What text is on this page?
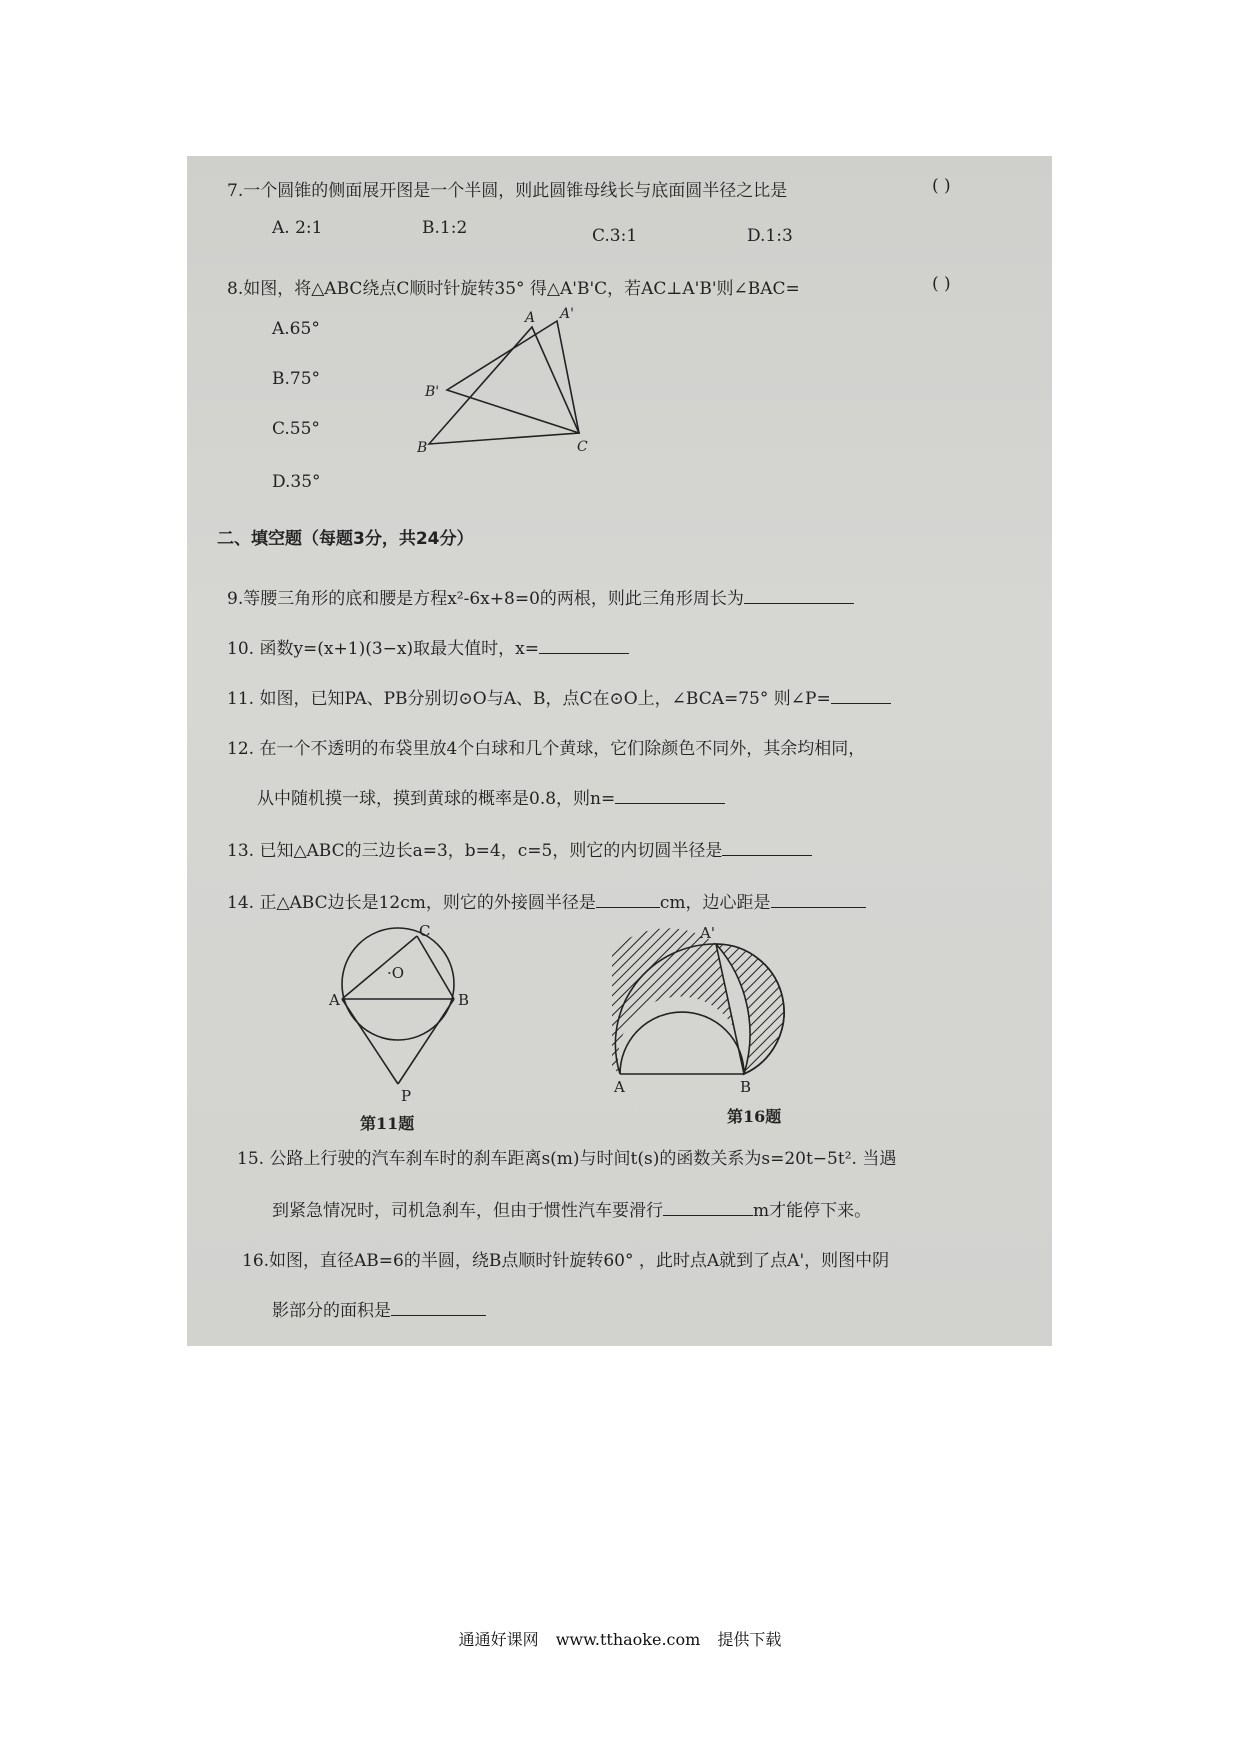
7.一个圆锥的侧面展开图是一个半圆，则此圆锥母线长与底面圆半径之比是	( )
A. 2:1	B.1:2	C.3:1	D.1:3
8.如图，将△ABC绕点C顺时针旋转35° 得△A'B'C，若AC⊥A'B'则∠BAC=	( )
A.65°
B.75°
C.55°
D.35°
A A'
B'
B	C
二、填空题（每题3分，共24分）
9.等腰三角形的底和腰是方程x²-6x+8=0的两根，则此三角形周长为
10. 函数y=(x+1)(3−x)取最大值时，x=
11. 如图，已知PA、PB分别切⊙O与A、B，点C在⊙O上，∠BCA=75° 则∠P=
12. 在一个不透明的布袋里放4个白球和几个黄球，它们除颜色不同外，其余均相同，
从中随机摸一球，摸到黄球的概率是0.8，则n=
13. 已知△ABC的三边长a=3，b=4，c=5，则它的内切圆半径是
14. 正△ABC边长是12cm，则它的外接圆半径是	cm，边心距是
C
·O
A	B
P
第11题
A'
A	B
第16题
15. 公路上行驶的汽车刹车时的刹车距离s(m)与时间t(s)的函数关系为s=20t−5t². 当遇
到紧急情况时，司机急刹车，但由于惯性汽车要滑行	m才能停下来。
16.如图，直径AB=6的半圆，绕B点顺时针旋转60° ，此时点A就到了点A'，则图中阴
影部分的面积是
通通好课网 www.tthaoke.com 提供下载
